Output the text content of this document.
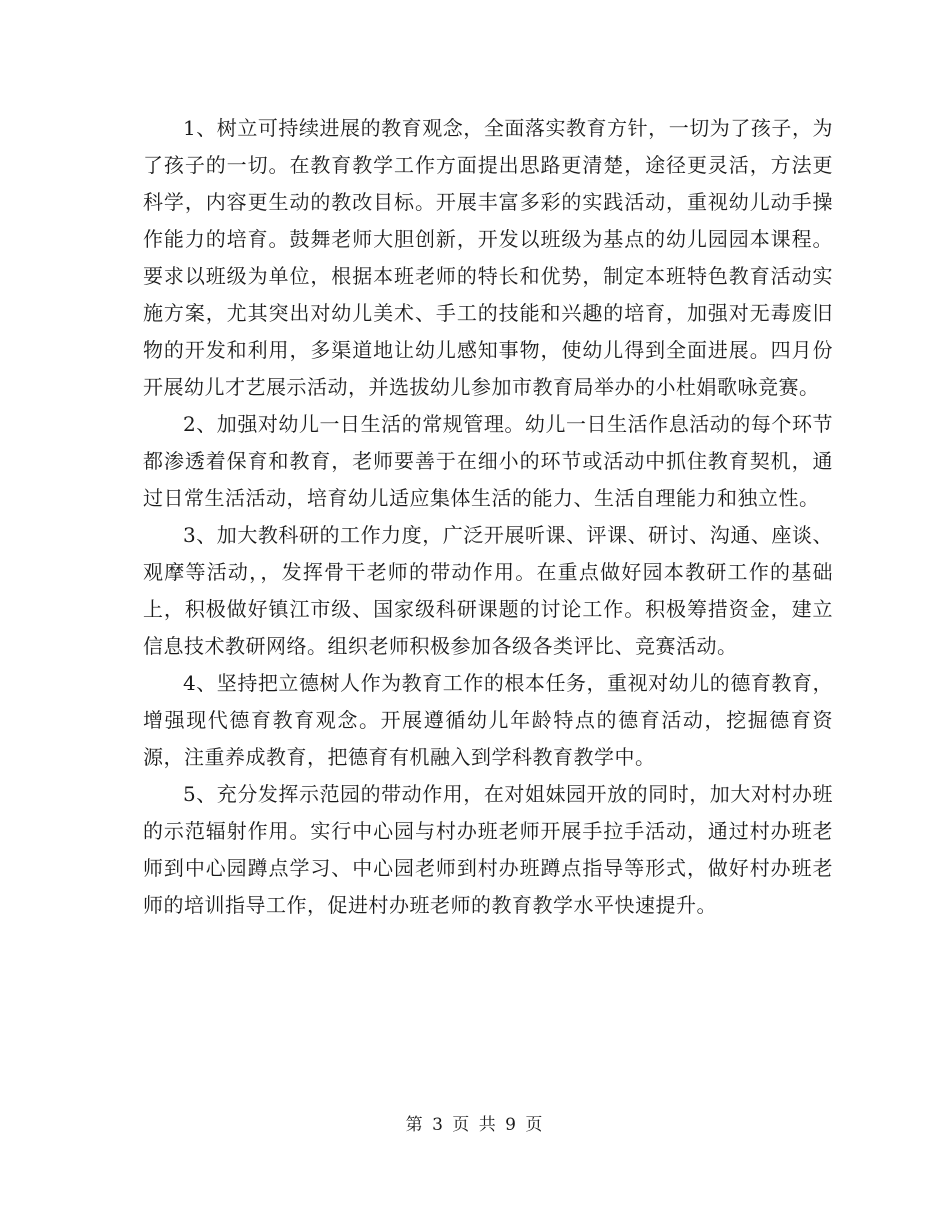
1、树立可持续进展的教育观念，全面落实教育方针，一切为了孩子，为了孩子的一切。在教育教学工作方面提出思路更清楚，途径更灵活，方法更科学，内容更生动的教改目标。开展丰富多彩的实践活动，重视幼儿动手操作能力的培育。鼓舞老师大胆创新，开发以班级为基点的幼儿园园本课程。要求以班级为单位，根据本班老师的特长和优势，制定本班特色教育活动实施方案，尤其突出对幼儿美术、手工的技能和兴趣的培育，加强对无毒废旧物的开发和利用，多渠道地让幼儿感知事物，使幼儿得到全面进展。四月份开展幼儿才艺展示活动，并选拔幼儿参加市教育局举办的小杜娟歌咏竞赛。

2、加强对幼儿一日生活的常规管理。幼儿一日生活作息活动的每个环节都渗透着保育和教育，老师要善于在细小的环节或活动中抓住教育契机，通过日常生活活动，培育幼儿适应集体生活的能力、生活自理能力和独立性。

3、加大教科研的工作力度，广泛开展听课、评课、研讨、沟通、座谈、观摩等活动，，发挥骨干老师的带动作用。在重点做好园本教研工作的基础上，积极做好镇江市级、国家级科研课题的讨论工作。积极筹措资金，建立信息技术教研网络。组织老师积极参加各级各类评比、竞赛活动。

4、坚持把立德树人作为教育工作的根本任务，重视对幼儿的德育教育，增强现代德育教育观念。开展遵循幼儿年龄特点的德育活动，挖掘德育资源，注重养成教育，把德育有机融入到学科教育教学中。

5、充分发挥示范园的带动作用，在对姐妹园开放的同时，加大对村办班的示范辐射作用。实行中心园与村办班老师开展手拉手活动，通过村办班老师到中心园蹲点学习、中心园老师到村办班蹲点指导等形式，做好村办班老师的培训指导工作，促进村办班老师的教育教学水平快速提升。

第 3 页 共 9 页
